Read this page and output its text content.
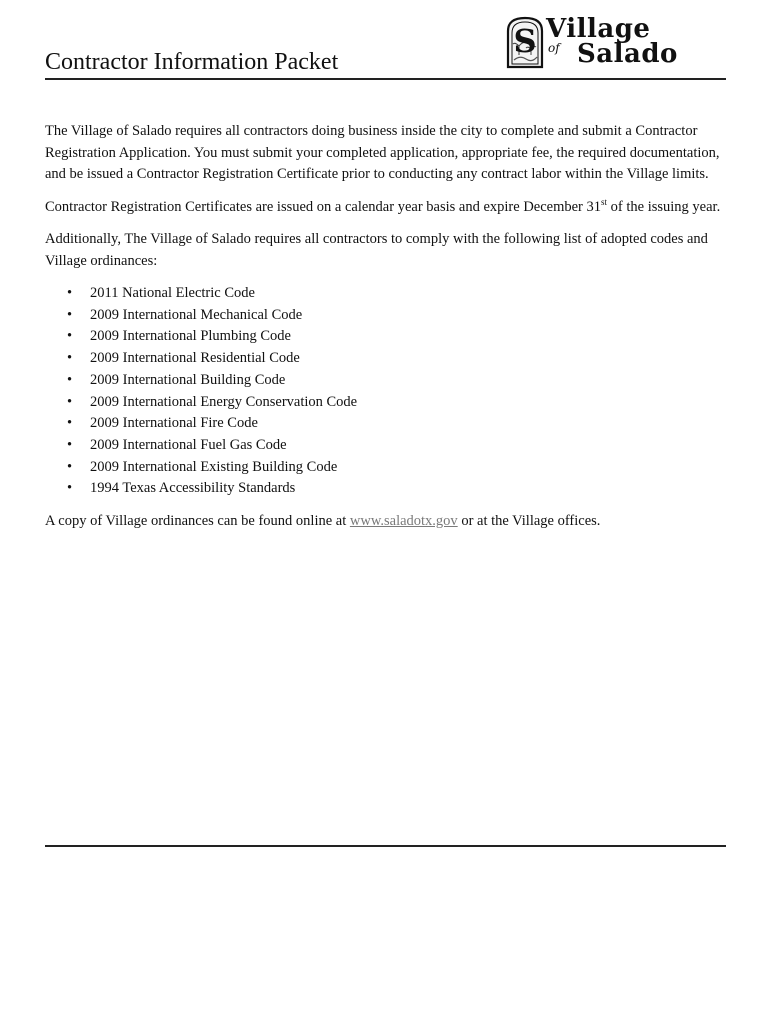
Contractor Information Packet
S Village
of Salado

The Village of Salado requires all contractors doing business inside the city to complete and submit a Contractor Registration Application. You must submit your completed application, appropriate fee, the required documentation, and be issued a Contractor Registration Certificate prior to conducting any contract labor within the Village limits.

Contractor Registration Certificates are issued on a calendar year basis and expire December 31st of the issuing year.

Additionally, The Village of Salado requires all contractors to comply with the following list of adopted codes and Village ordinances:

• 2011 National Electric Code
• 2009 International Mechanical Code
• 2009 International Plumbing Code
• 2009 International Residential Code
• 2009 International Building Code
• 2009 International Energy Conservation Code
• 2009 International Fire Code
• 2009 International Fuel Gas Code
• 2009 International Existing Building Code
• 1994 Texas Accessibility Standards

A copy of Village ordinances can be found online at www.saladotx.gov or at the Village offices.
